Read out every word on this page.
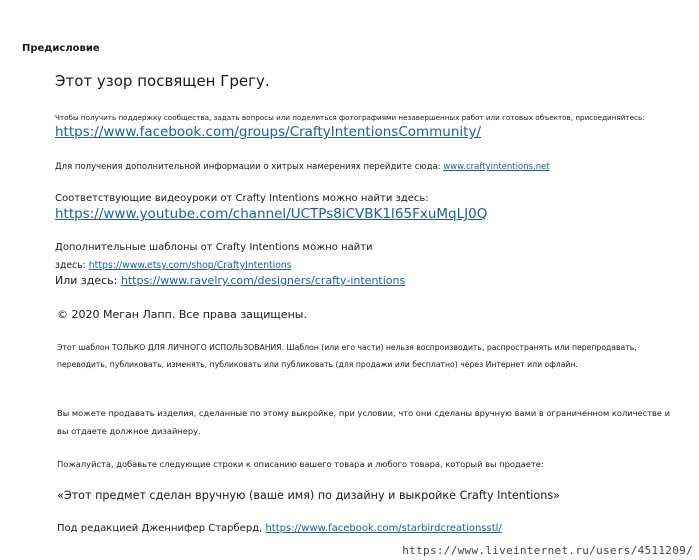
Предисловие
Этот узор посвящен Грегу.
Чтобы получить поддержку сообщества, задать вопросы или поделиться фотографиями незавершенных работ или готовых объектов, присоединяйтесь:
https://www.facebook.com/groups/CraftyIntentionsCommunity/
Для получения дополнительной информации о хитрых намерениях перейдите сюда: www.craftyintentions.net
Соответствующие видеоуроки от Crafty Intentions можно найти здесь:
https://www.youtube.com/channel/UCTPs8iCVBK1I65FxuMqLJ0Q
Дополнительные шаблоны от Crafty Intentions можно найти
здесь: https://www.etsy.com/shop/CraftyIntentions
Или здесь: https://www.ravelry.com/designers/crafty-intentions
© 2020 Меган Лапп. Все права защищены.
Этот шаблон ТОЛЬКО ДЛЯ ЛИЧНОГО ИСПОЛЬЗОВАНИЯ. Шаблон (или его части) нельзя воспроизводить, распространять или перепродавать,
переводить, публиковать, изменять, публиковать или публиковать (для продажи или бесплатно) через Интернет или офлайн.
Вы можете продавать изделия, сделанные по этому выкройке, при условии, что они сделаны вручную вами в ограниченном количестве и
вы отдаете должное дизайнеру.
Пожалуйста, добавьте следующие строки к описанию вашего товара и любого товара, который вы продаете:
«Этот предмет сделан вручную (ваше имя) по дизайну и выкройке Crafty Intentions»
Под редакцией Дженнифер Старберд, https://www.facebook.com/starbirdcreationsstl/
https://www.liveinternet.ru/users/4511209/
